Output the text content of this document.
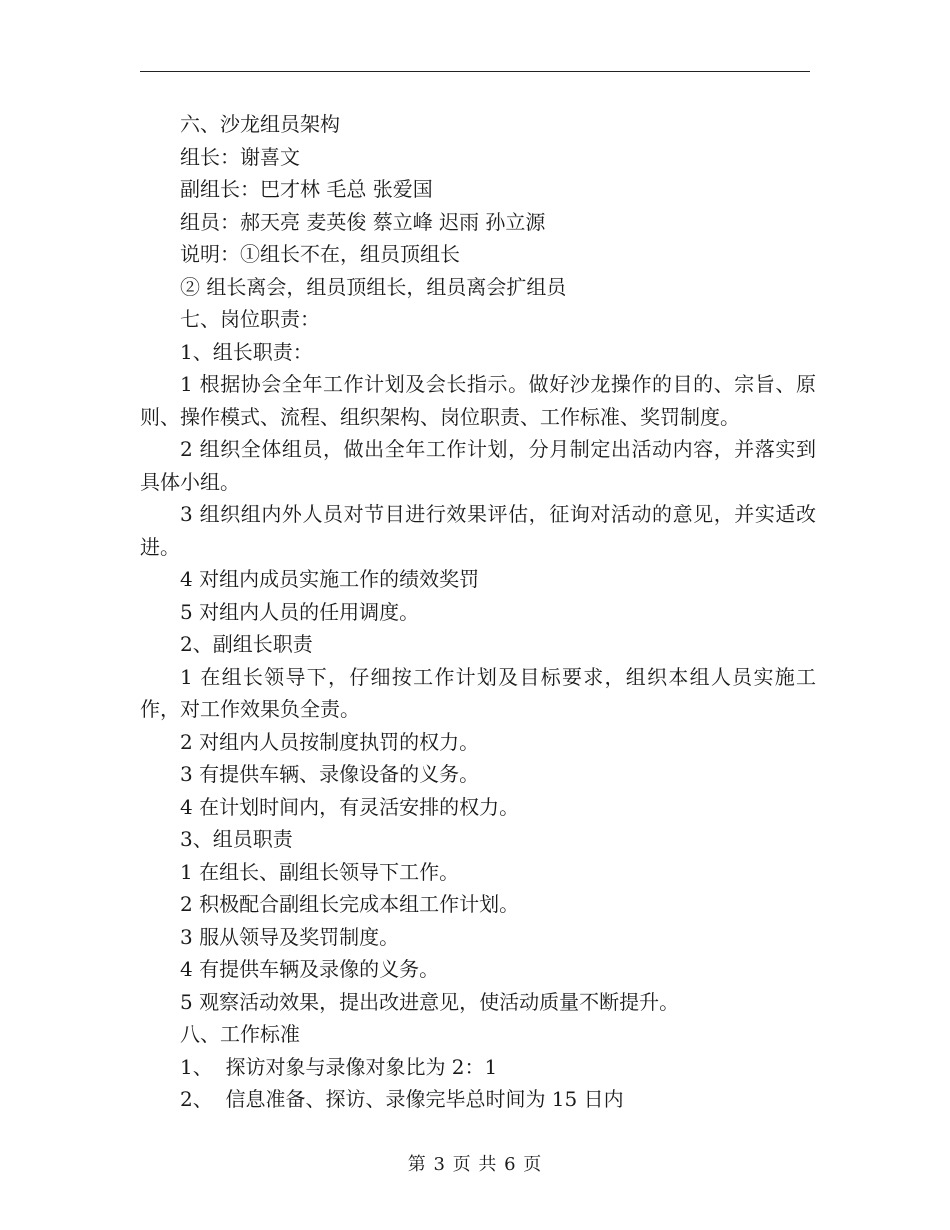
六、沙龙组员架构

组长：谢喜文

副组长：巴才林 毛总 张爱国

组员：郝天亮 麦英俊 蔡立峰 迟雨 孙立源

说明：①组长不在，组员顶组长

② 组长离会，组员顶组长，组员离会扩组员

七、岗位职责：

1、组长职责：

1 根据协会全年工作计划及会长指示。做好沙龙操作的目的、宗旨、原则、操作模式、流程、组织架构、岗位职责、工作标准、奖罚制度。

2 组织全体组员，做出全年工作计划，分月制定出活动内容，并落实到具体小组。

3 组织组内外人员对节目进行效果评估，征询对活动的意见，并实适改进。

4 对组内成员实施工作的绩效奖罚

5 对组内人员的任用调度。

2、副组长职责

1 在组长领导下，仔细按工作计划及目标要求，组织本组人员实施工作，对工作效果负全责。

2 对组内人员按制度执罚的权力。

3 有提供车辆、录像设备的义务。

4 在计划时间内，有灵活安排的权力。

3、组员职责

1 在组长、副组长领导下工作。

2 积极配合副组长完成本组工作计划。

3 服从领导及奖罚制度。

4 有提供车辆及录像的义务。

5 观察活动效果，提出改进意见，使活动质量不断提升。

八、工作标准

1、  探访对象与录像对象比为 2：1

2、  信息准备、探访、录像完毕总时间为 15 日内

第 3 页 共 6 页
